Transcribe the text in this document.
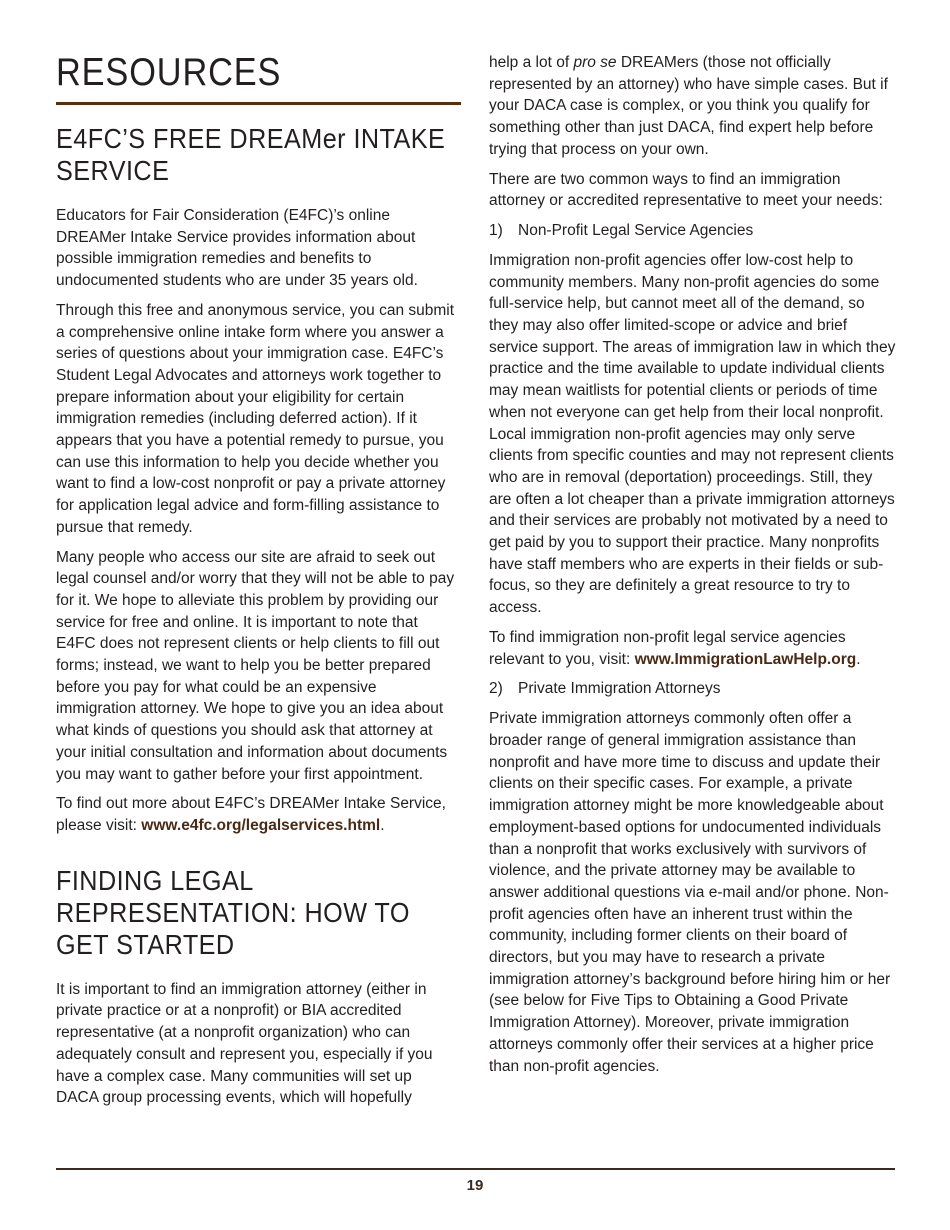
RESOURCES
E4FC’S FREE DREAMer INTAKE SERVICE

Educators for Fair Consideration (E4FC)’s online DREAMer Intake Service provides information about possible immigration remedies and benefits to undocumented students who are under 35 years old.

Through this free and anonymous service, you can submit a comprehensive online intake form where you answer a series of questions about your immigration case. E4FC’s Student Legal Advocates and attorneys work together to prepare information about your eligibility for certain immigration remedies (including deferred action). If it appears that you have a potential remedy to pursue, you can use this information to help you decide whether you want to find a low-cost nonprofit or pay a private attorney for application legal advice and form-filling assistance to pursue that remedy.

Many people who access our site are afraid to seek out legal counsel and/or worry that they will not be able to pay for it. We hope to alleviate this problem by providing our service for free and online. It is important to note that E4FC does not represent clients or help clients to fill out forms; instead, we want to help you be better prepared before you pay for what could be an expensive immigration attorney. We hope to give you an idea about what kinds of questions you should ask that attorney at your initial consultation and information about documents you may want to gather before your first appointment.

To find out more about E4FC’s DREAMer Intake Service, please visit: www.e4fc.org/legalservices.html.

FINDING LEGAL REPRESENTATION: HOW TO GET STARTED

It is important to find an immigration attorney (either in private practice or at a nonprofit) or BIA accredited representative (at a nonprofit organization) who can adequately consult and represent you, especially if you have a complex case. Many communities will set up DACA group processing events, which will hopefully

help a lot of pro se DREAMers (those not officially represented by an attorney) who have simple cases. But if your DACA case is complex, or you think you qualify for something other than just DACA, find expert help before trying that process on your own.

There are two common ways to find an immigration attorney or accredited representative to meet your needs:

1) Non-Profit Legal Service Agencies

Immigration non-profit agencies offer low-cost help to community members. Many non-profit agencies do some full-service help, but cannot meet all of the demand, so they may also offer limited-scope or advice and brief service support. The areas of immigration law in which they practice and the time available to update individual clients may mean waitlists for potential clients or periods of time when not everyone can get help from their local nonprofit. Local immigration non-profit agencies may only serve clients from specific counties and may not represent clients who are in removal (deportation) proceedings. Still, they are often a lot cheaper than a private immigration attorneys and their services are probably not motivated by a need to get paid by you to support their practice. Many nonprofits have staff members who are experts in their fields or sub-focus, so they are definitely a great resource to try to access.

To find immigration non-profit legal service agencies relevant to you, visit: www.ImmigrationLawHelp.org.

2) Private Immigration Attorneys

Private immigration attorneys commonly often offer a broader range of general immigration assistance than nonprofit and have more time to discuss and update their clients on their specific cases. For example, a private immigration attorney might be more knowledgeable about employment-based options for undocumented individuals than a nonprofit that works exclusively with survivors of violence, and the private attorney may be available to answer additional questions via e-mail and/or phone. Non-profit agencies often have an inherent trust within the community, including former clients on their board of directors, but you may have to research a private immigration attorney’s background before hiring him or her (see below for Five Tips to Obtaining a Good Private Immigration Attorney). Moreover, private immigration attorneys commonly offer their services at a higher price than non-profit agencies.

19
